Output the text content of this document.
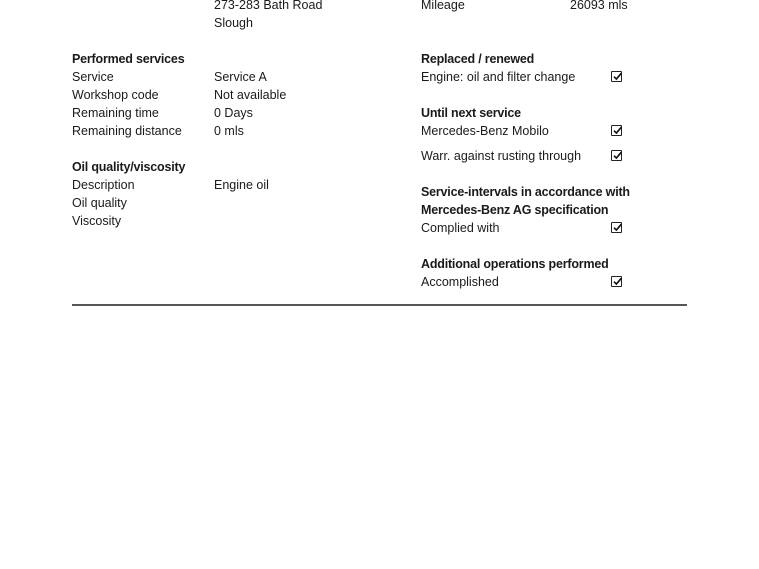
273-283 Bath Road
Slough
Mileage	26093 mls
Performed services
Service	Service A
Workshop code	Not available
Remaining time	0 Days
Remaining distance	0 mls
Oil quality/viscosity
Description	Engine oil
Oil quality
Viscosity
Replaced / renewed
Engine: oil and filter change
Until next service
Mercedes-Benz Mobilo
Warr. against rusting through
Service-intervals in accordance with
Mercedes-Benz AG specification
Complied with
Additional operations performed
Accomplished
